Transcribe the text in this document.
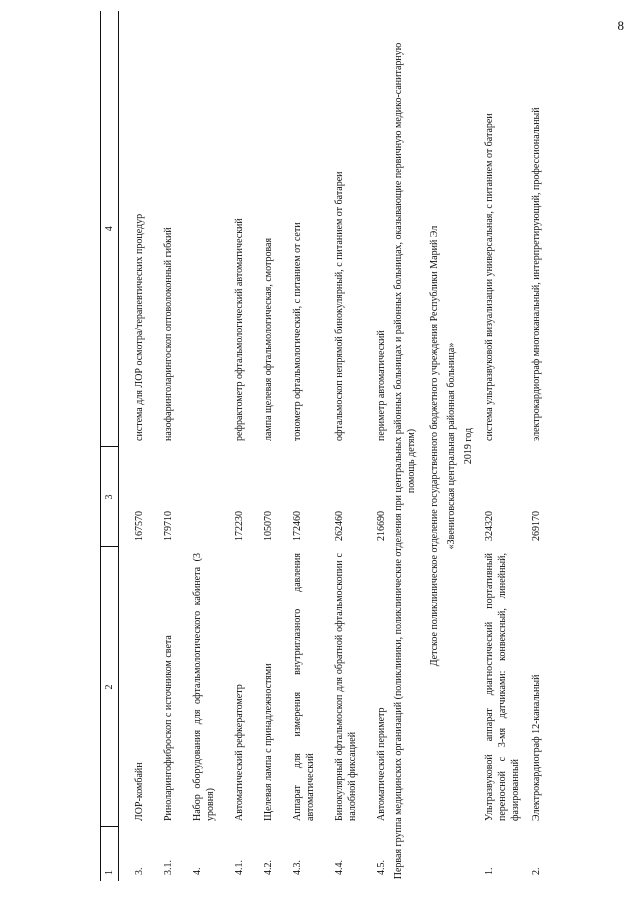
8
1	2	3	4
3.	ЛОР-комбайн	167570	система для ЛОР осмотра/терапевтических процедур
3.1.	Риноларингофиброскоп с источником света	179710	назофаринголарингоскоп оптоволоконный гибкий
4.	Набор оборудования для офтальмологического кабинета (3 уровня)		
4.1.	Автоматический рефкератометр	172230	рефрактометр офтальмологический автоматический
4.2.	Щелевая лампа с принадлежностями	105070	лампа щелевая офтальмологическая, смотровая
4.3.	Аппарат для измерения внутриглазного давления автоматический	172460	тонометр офтальмологический, с питанием от сети
4.4.	Бинокулярный офтальмоскоп для обратной офтальмоскопии с налобной фиксацией	262460	офтальмоскоп непрямой бинокулярный, с питанием от батареи
4.5.	Автоматический периметр	216690	периметр автоматический
Первая группа медицинских организаций (поликлиники, поликлинические отделения при центральных районных больницах и районных больницах, оказывающие первичную медико-санитарную помощь детям)			
Детское поликлиническое отделение государственного бюджетного учреждения Республики Марий Эл			
«Звениговская центральная районная больница»			
2019 год			
1.	Ультразвуковой аппарат диагностический портативный переносной с 3-мя датчиками: конвексный, линейный, фазированный	324320	система ультразвуковой визуализации универсальная, с питанием от батареи
2.	Электрокардиограф 12-канальный	269170	электрокардиограф многоканальный, интерпретирующий, профессиональный
